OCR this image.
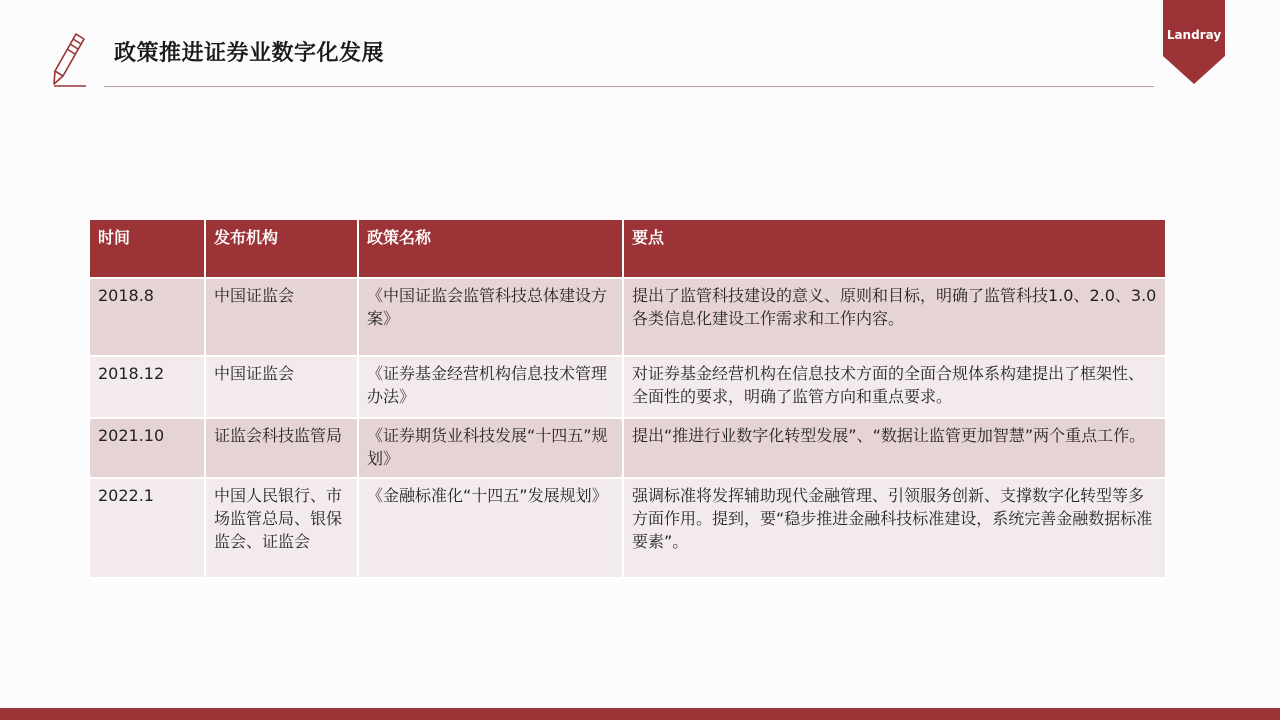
政策推进证券业数字化发展
Landray
时间	发布机构	政策名称	要点
2018.8	中国证监会	《中国证监会监管科技总体建设方案》	提出了监管科技建设的意义、原则和目标，明确了监管科技1.0、2.0、3.0各类信息化建设工作需求和工作内容。
2018.12	中国证监会	《证券基金经营机构信息技术管理办法》	对证券基金经营机构在信息技术方面的全面合规体系构建提出了框架性、全面性的要求，明确了监管方向和重点要求。
2021.10	证监会科技监管局	《证券期货业科技发展“十四五”规划》	提出“推进行业数字化转型发展”、“数据让监管更加智慧”两个重点工作。
2022.1	中国人民银行、市场监管总局、银保监会、证监会	《金融标准化“十四五”发展规划》	强调标准将发挥辅助现代金融管理、引领服务创新、支撑数字化转型等多方面作用。提到，要“稳步推进金融科技标准建设，系统完善金融数据标准要素”。
